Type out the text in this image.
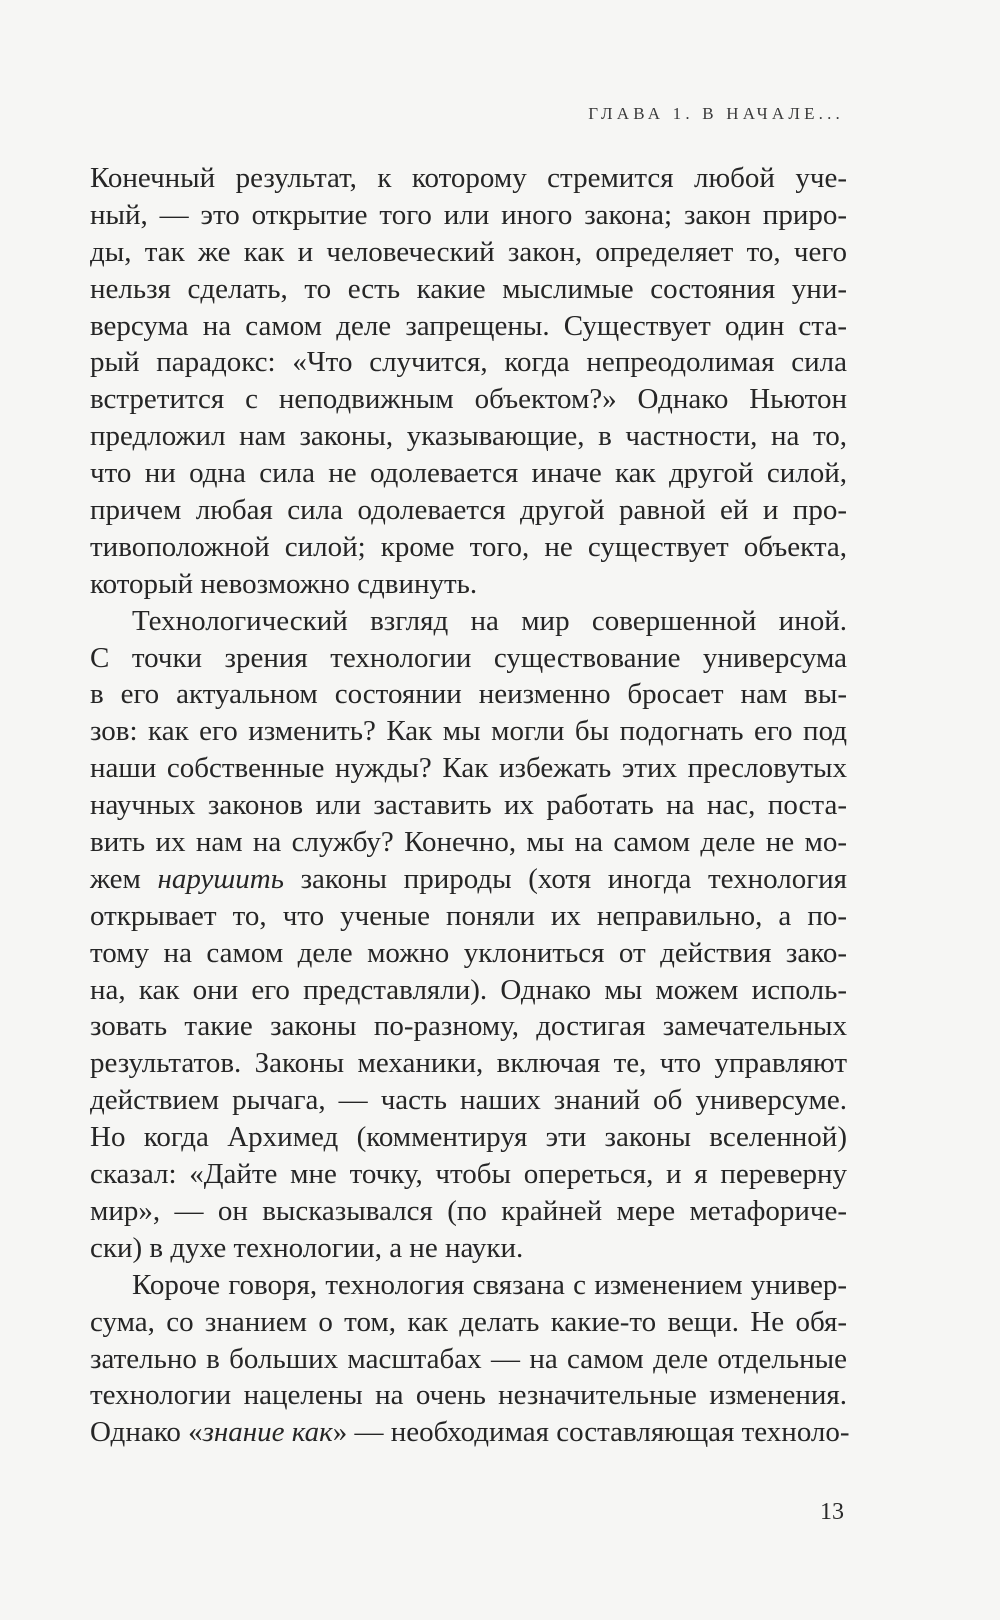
ГЛАВА 1. В НАЧАЛЕ...
Конечный результат, к которому стремится любой уче-
ный, — это открытие того или иного закона; закон приро-
ды, так же как и человеческий закон, определяет то, чего
нельзя сделать, то есть какие мыслимые состояния уни-
версума на самом деле запрещены. Существует один ста-
рый парадокс: «Что случится, когда непреодолимая сила
встретится с неподвижным объектом?» Однако Ньютон
предложил нам законы, указывающие, в частности, на то,
что ни одна сила не одолевается иначе как другой силой,
причем любая сила одолевается другой равной ей и про-
тивоположной силой; кроме того, не существует объекта,
который невозможно сдвинуть.
Технологический взгляд на мир совершенной иной.
С точки зрения технологии существование универсума
в его актуальном состоянии неизменно бросает нам вы-
зов: как его изменить? Как мы могли бы подогнать его под
наши собственные нужды? Как избежать этих пресловутых
научных законов или заставить их работать на нас, поста-
вить их нам на службу? Конечно, мы на самом деле не мо-
жем нарушить законы природы (хотя иногда технология
открывает то, что ученые поняли их неправильно, а по-
тому на самом деле можно уклониться от действия зако-
на, как они его представляли). Однако мы можем исполь-
зовать такие законы по-разному, достигая замечательных
результатов. Законы механики, включая те, что управляют
действием рычага, — часть наших знаний об универсуме.
Но когда Архимед (комментируя эти законы вселенной)
сказал: «Дайте мне точку, чтобы опереться, и я переверну
мир», — он высказывался (по крайней мере метафориче-
ски) в духе технологии, а не науки.
Короче говоря, технология связана с изменением универ-
сума, со знанием о том, как делать какие-то вещи. Не обя-
зательно в больших масштабах — на самом деле отдельные
технологии нацелены на очень незначительные изменения.
Однако «знание как» — необходимая составляющая техноло-
13
